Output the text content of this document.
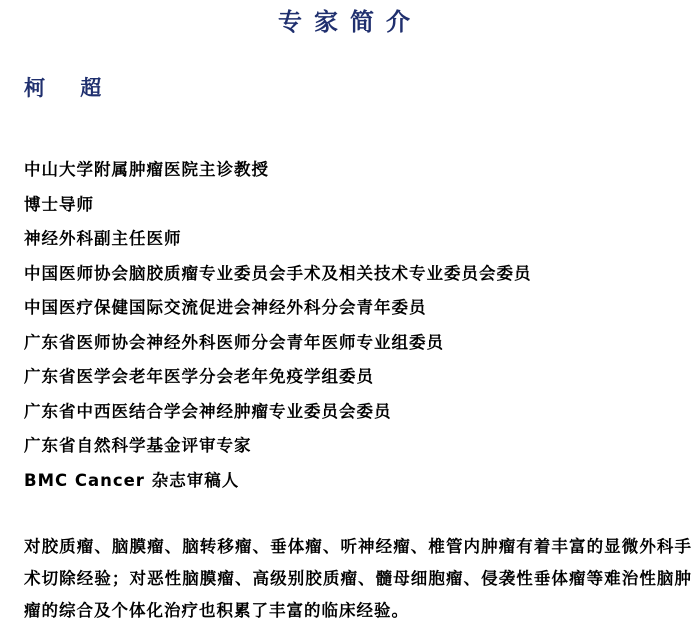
专家简介
柯 超
中山大学附属肿瘤医院主诊教授
博士导师
神经外科副主任医师
中国医师协会脑胶质瘤专业委员会手术及相关技术专业委员会委员
中国医疗保健国际交流促进会神经外科分会青年委员
广东省医师协会神经外科医师分会青年医师专业组委员
广东省医学会老年医学分会老年免疫学组委员
广东省中西医结合学会神经肿瘤专业委员会委员
广东省自然科学基金评审专家
BMC Cancer 杂志审稿人

对胶质瘤、脑膜瘤、脑转移瘤、垂体瘤、听神经瘤、椎管内肿瘤有着丰富的显微外科手术切除经验；对恶性脑膜瘤、高级别胶质瘤、髓母细胞瘤、侵袭性垂体瘤等难治性脑肿瘤的综合及个体化治疗也积累了丰富的临床经验。
